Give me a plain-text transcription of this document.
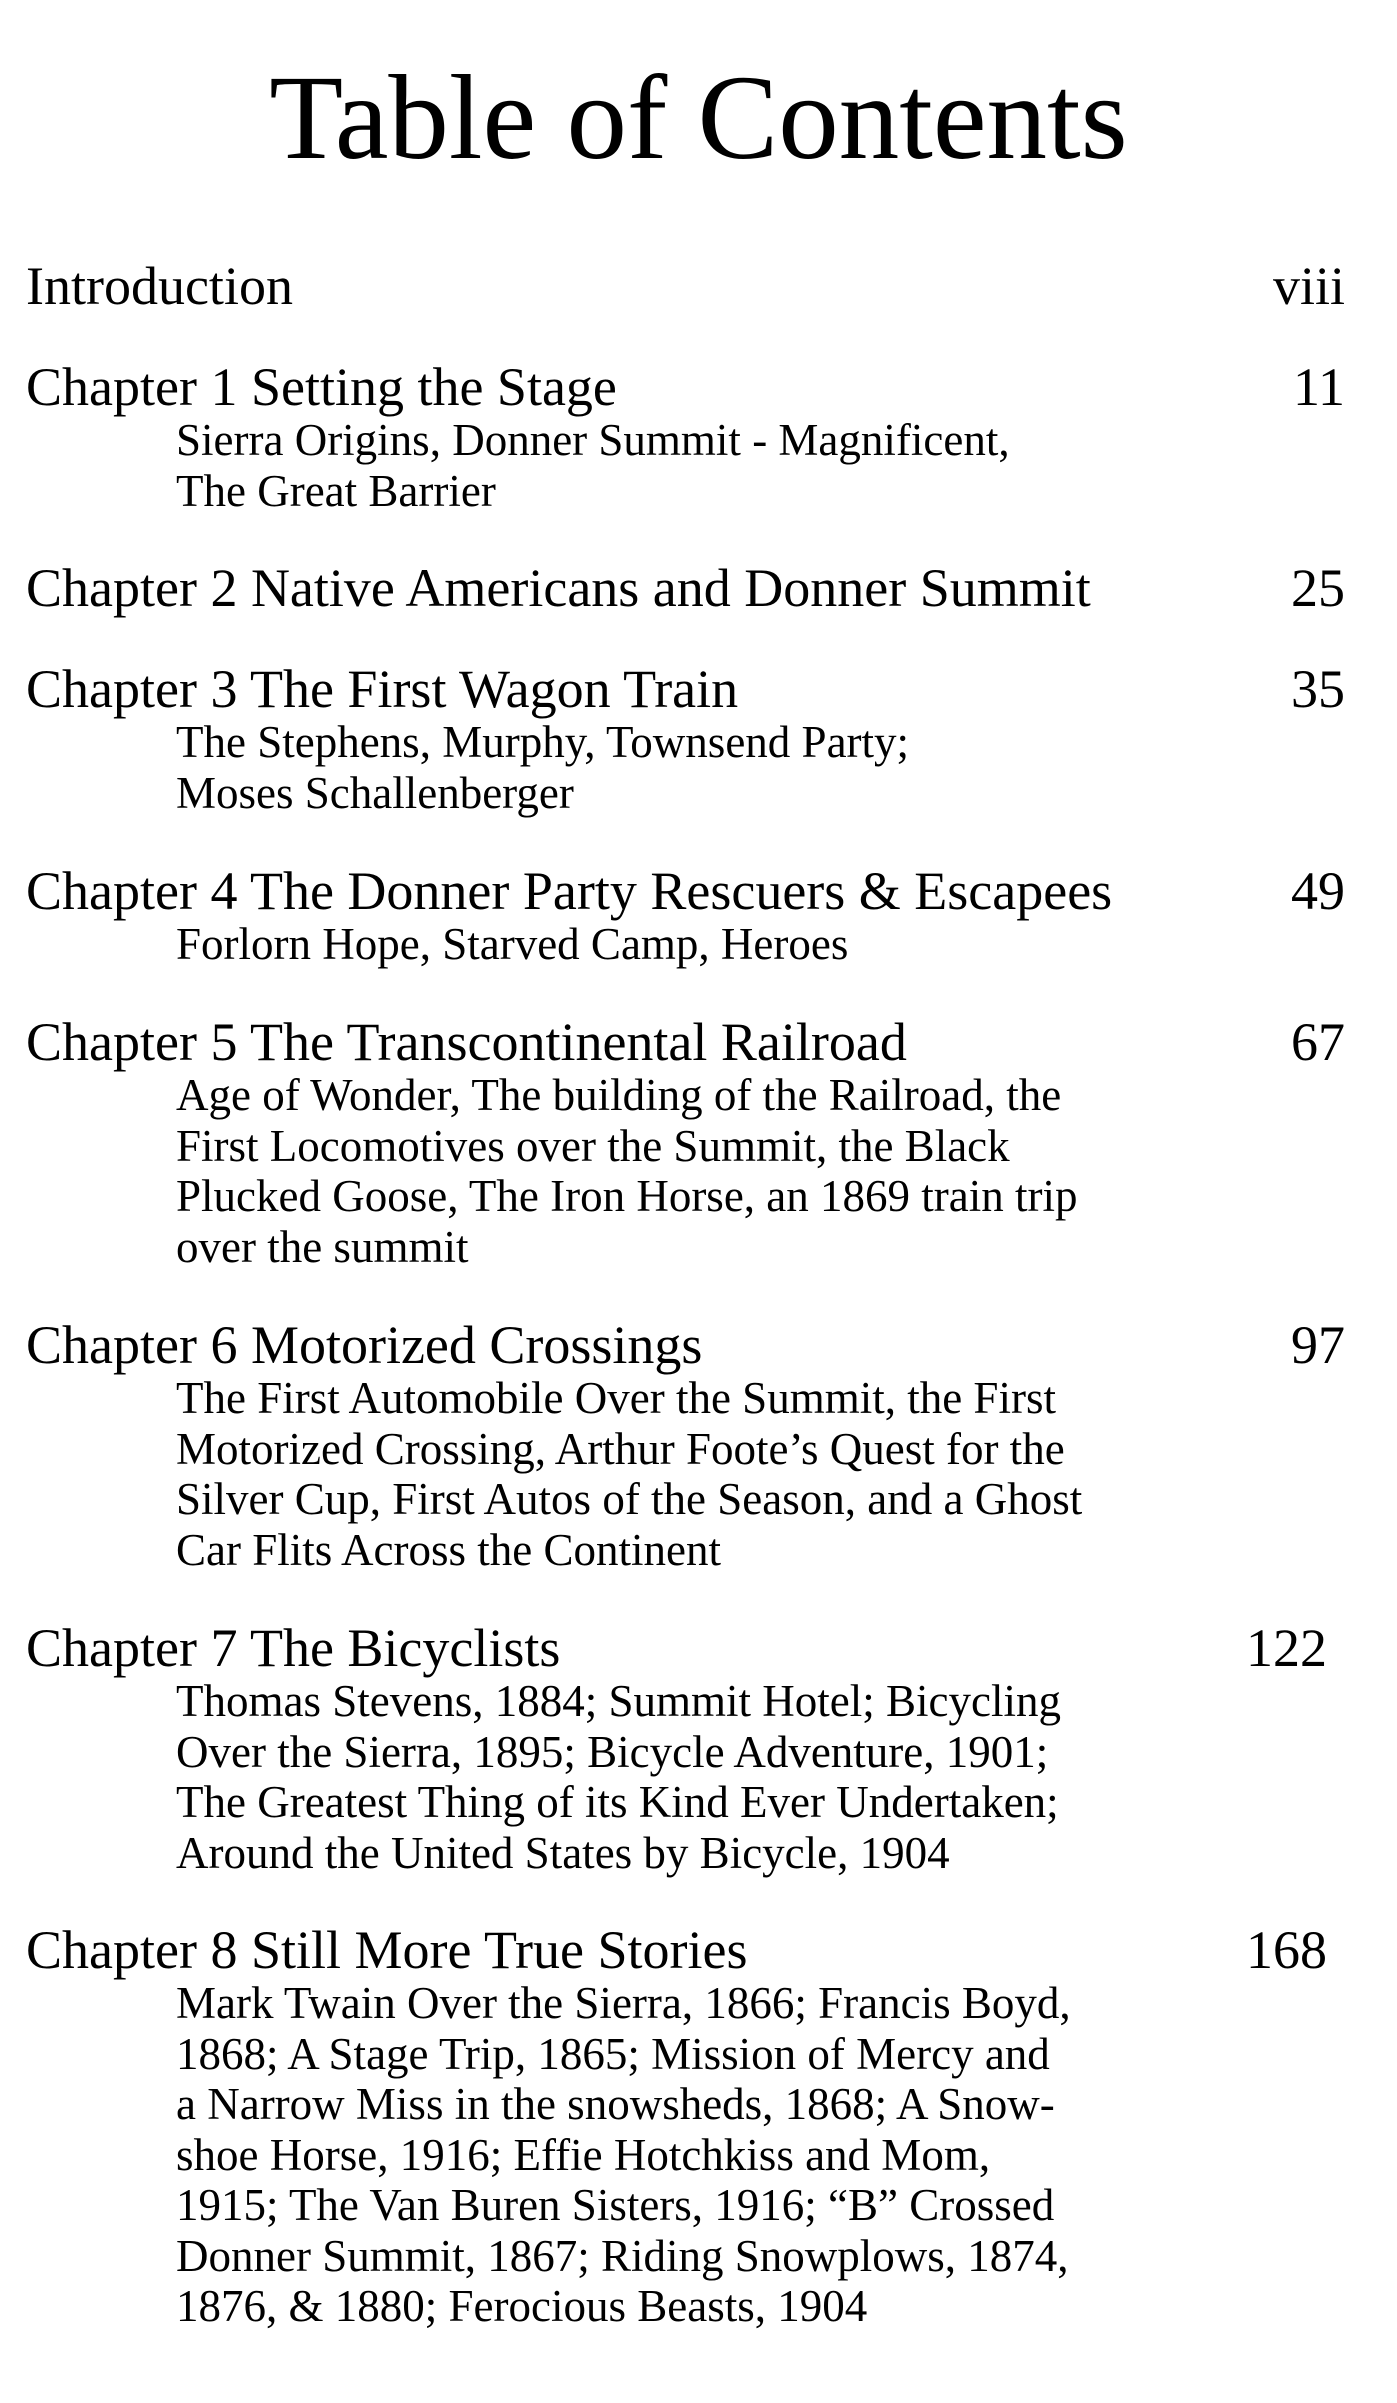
Table of Contents
Introduction	viii
Chapter 1 Setting the Stage	11
Sierra Origins, Donner Summit - Magnificent,
The Great Barrier
Chapter 2 Native Americans and Donner Summit	25
Chapter 3 The First Wagon Train	35
The Stephens, Murphy, Townsend Party;
Moses Schallenberger
Chapter 4 The Donner Party Rescuers & Escapees	49
Forlorn Hope, Starved Camp, Heroes
Chapter 5 The Transcontinental Railroad	67
Age of Wonder, The building of the Railroad, the
First Locomotives over the Summit, the Black
Plucked Goose, The Iron Horse, an 1869 train trip
over the summit
Chapter 6 Motorized Crossings	97
The First Automobile Over the Summit, the First
Motorized Crossing, Arthur Foote’s Quest for the
Silver Cup, First Autos of the Season, and a Ghost
Car Flits Across the Continent
Chapter 7 The Bicyclists	122
Thomas Stevens, 1884; Summit Hotel; Bicycling
Over the Sierra, 1895; Bicycle Adventure, 1901;
The Greatest Thing of its Kind Ever Undertaken;
Around the United States by Bicycle, 1904
Chapter 8 Still More True Stories	168
Mark Twain Over the Sierra, 1866; Francis Boyd,
1868; A Stage Trip, 1865; Mission of Mercy and
a Narrow Miss in the snowsheds, 1868; A Snow-
shoe Horse, 1916; Effie Hotchkiss and Mom,
1915; The Van Buren Sisters, 1916; “B” Crossed
Donner Summit, 1867; Riding Snowplows, 1874,
1876, & 1880; Ferocious Beasts, 1904
